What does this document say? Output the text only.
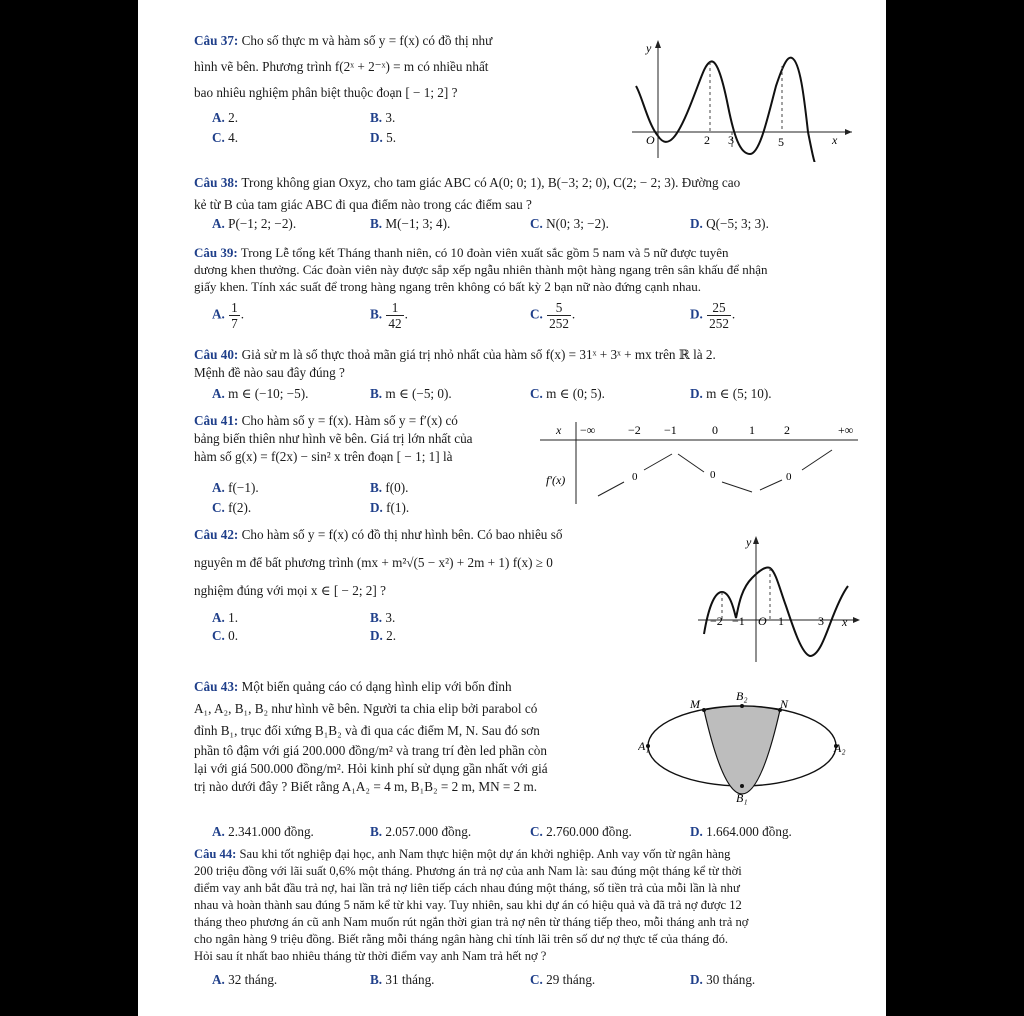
Câu 37: Cho số thực m và hàm số y = f(x) có đồ thị như
hình vẽ bên. Phương trình f(2ˣ + 2⁻ˣ) = m có nhiều nhất
bao nhiêu nghiệm phân biệt thuộc đoạn [ − 1; 2] ?
A. 2.	B. 3.
C. 4.	D. 5.
y
O	2 3	5	x
Câu 38: Trong không gian Oxyz, cho tam giác ABC có A(0; 0; 1), B(−3; 2; 0), C(2; − 2; 3). Đường cao
kẻ từ B của tam giác ABC đi qua điểm nào trong các điểm sau ?
A. P(−1; 2; −2).	B. M(−1; 3; 4).	C. N(0; 3; −2).	D. Q(−5; 3; 3).
Câu 39: Trong Lễ tổng kết Tháng thanh niên, có 10 đoàn viên xuất sắc gồm 5 nam và 5 nữ được tuyên
dương khen thưởng. Các đoàn viên này được sắp xếp ngẫu nhiên thành một hàng ngang trên sân khấu để nhận
giấy khen. Tính xác suất để trong hàng ngang trên không có bất kỳ 2 bạn nữ nào đứng cạnh nhau.
A. $\frac{1}{7}$ .	B. $\frac{1}{42}$ .	C. $\frac{5}{252}$ .	D. $\frac{25}{252}$ .
Câu 40: Giả sử m là số thực thoả mãn giá trị nhỏ nhất của hàm số f(x) = 31ˣ + 3ˣ + mx trên ℝ là 2.
Mệnh đề nào sau đây đúng ?
A. m ∈ (−10; −5).	B. m ∈ (−5; 0).	C. m ∈ (0; 5).	D. m ∈ (5; 10).
Câu 41: Cho hàm số y = f(x). Hàm số y = f′(x) có
bảng biến thiên như hình vẽ bên. Giá trị lớn nhất của
hàm số g(x) = f(2x) − sin² x trên đoạn [ − 1; 1] là
A. f(−1).	B. f(0).
C. f(2).	D. f(1).
x −∞	−2 −1	0	1 2	+∞
f′(x)	0	0	0
Câu 42: Cho hàm số y = f(x) có đồ thị như hình bên. Có bao nhiêu số
nguyên m để bất phương trình (mx + m²√(5 − x²) + 2m + 1) f(x) ≥ 0
nghiệm đúng với mọi x ∈ [ − 2; 2] ?
A. 1.	B. 3.
C. 0.	D. 2.
y
−2 −1 O 1	3 x
Câu 43: Một biển quảng cáo có dạng hình elip với bốn đỉnh
A₁, A₂, B₁, B₂ như hình vẽ bên. Người ta chia elip bởi parabol có
đỉnh B₁, trục đối xứng B₁B₂ và đi qua các điểm M, N. Sau đó sơn
phần tô đậm với giá 200.000 đồng/m² và trang trí đèn led phần còn
lại với giá 500.000 đồng/m². Hỏi kinh phí sử dụng gần nhất với giá
trị nào dưới đây ? Biết rằng A₁A₂ = 4 m, B₁B₂ = 2 m, MN = 2 m.
M	N
B₂
B₁
A₁	A₂
A. 2.341.000 đồng.	B. 2.057.000 đồng.	C. 2.760.000 đồng.	D. 1.664.000 đồng.
Câu 44: Sau khi tốt nghiệp đại học, anh Nam thực hiện một dự án khởi nghiệp. Anh vay vốn từ ngân hàng
200 triệu đồng với lãi suất 0,6% một tháng. Phương án trả nợ của anh Nam là: sau đúng một tháng kể từ thời
điểm vay anh bắt đầu trả nợ, hai lần trả nợ liên tiếp cách nhau đúng một tháng, số tiền trả của mỗi lần là như
nhau và hoàn thành sau đúng 5 năm kể từ khi vay. Tuy nhiên, sau khi dự án có hiệu quả và đã trả nợ được 12
tháng theo phương án cũ anh Nam muốn rút ngắn thời gian trả nợ nên từ tháng tiếp theo, mỗi tháng anh trả nợ
cho ngân hàng 9 triệu đồng. Biết rằng mỗi tháng ngân hàng chỉ tính lãi trên số dư nợ thực tế của tháng đó.
Hỏi sau ít nhất bao nhiêu tháng từ thời điểm vay anh Nam trả hết nợ ?
A. 32 tháng.	B. 31 tháng.	C. 29 tháng.	D. 30 tháng.
